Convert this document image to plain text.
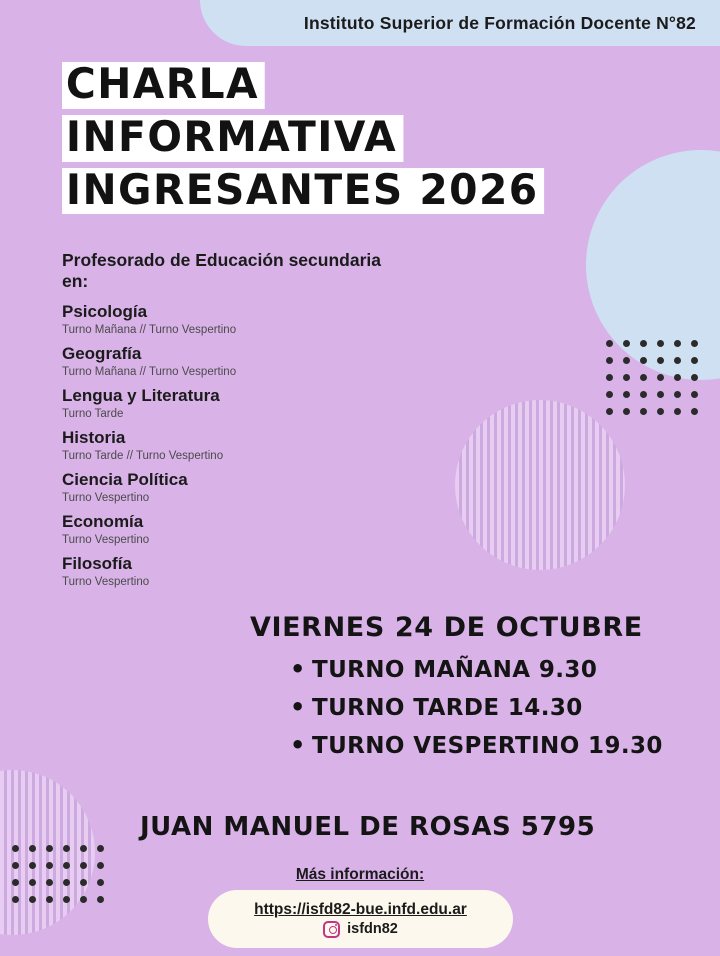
Instituto Superior de Formación Docente N°82
CHARLA
INFORMATIVA
INGRESANTES 2026
Profesorado de Educación secundaria en:
Psicología
Turno Mañana // Turno Vespertino
Geografía
Turno Mañana // Turno Vespertino
Lengua y Literatura
Turno Tarde
Historia
Turno Tarde // Turno Vespertino
Ciencia Política
Turno Vespertino
Economía
Turno Vespertino
Filosofía
Turno Vespertino
VIERNES 24 DE OCTUBRE
• TURNO MAÑANA 9.30
• TURNO TARDE 14.30
• TURNO VESPERTINO 19.30
JUAN MANUEL DE ROSAS 5795
Más información:
https://isfd82-bue.infd.edu.ar
isfdn82
